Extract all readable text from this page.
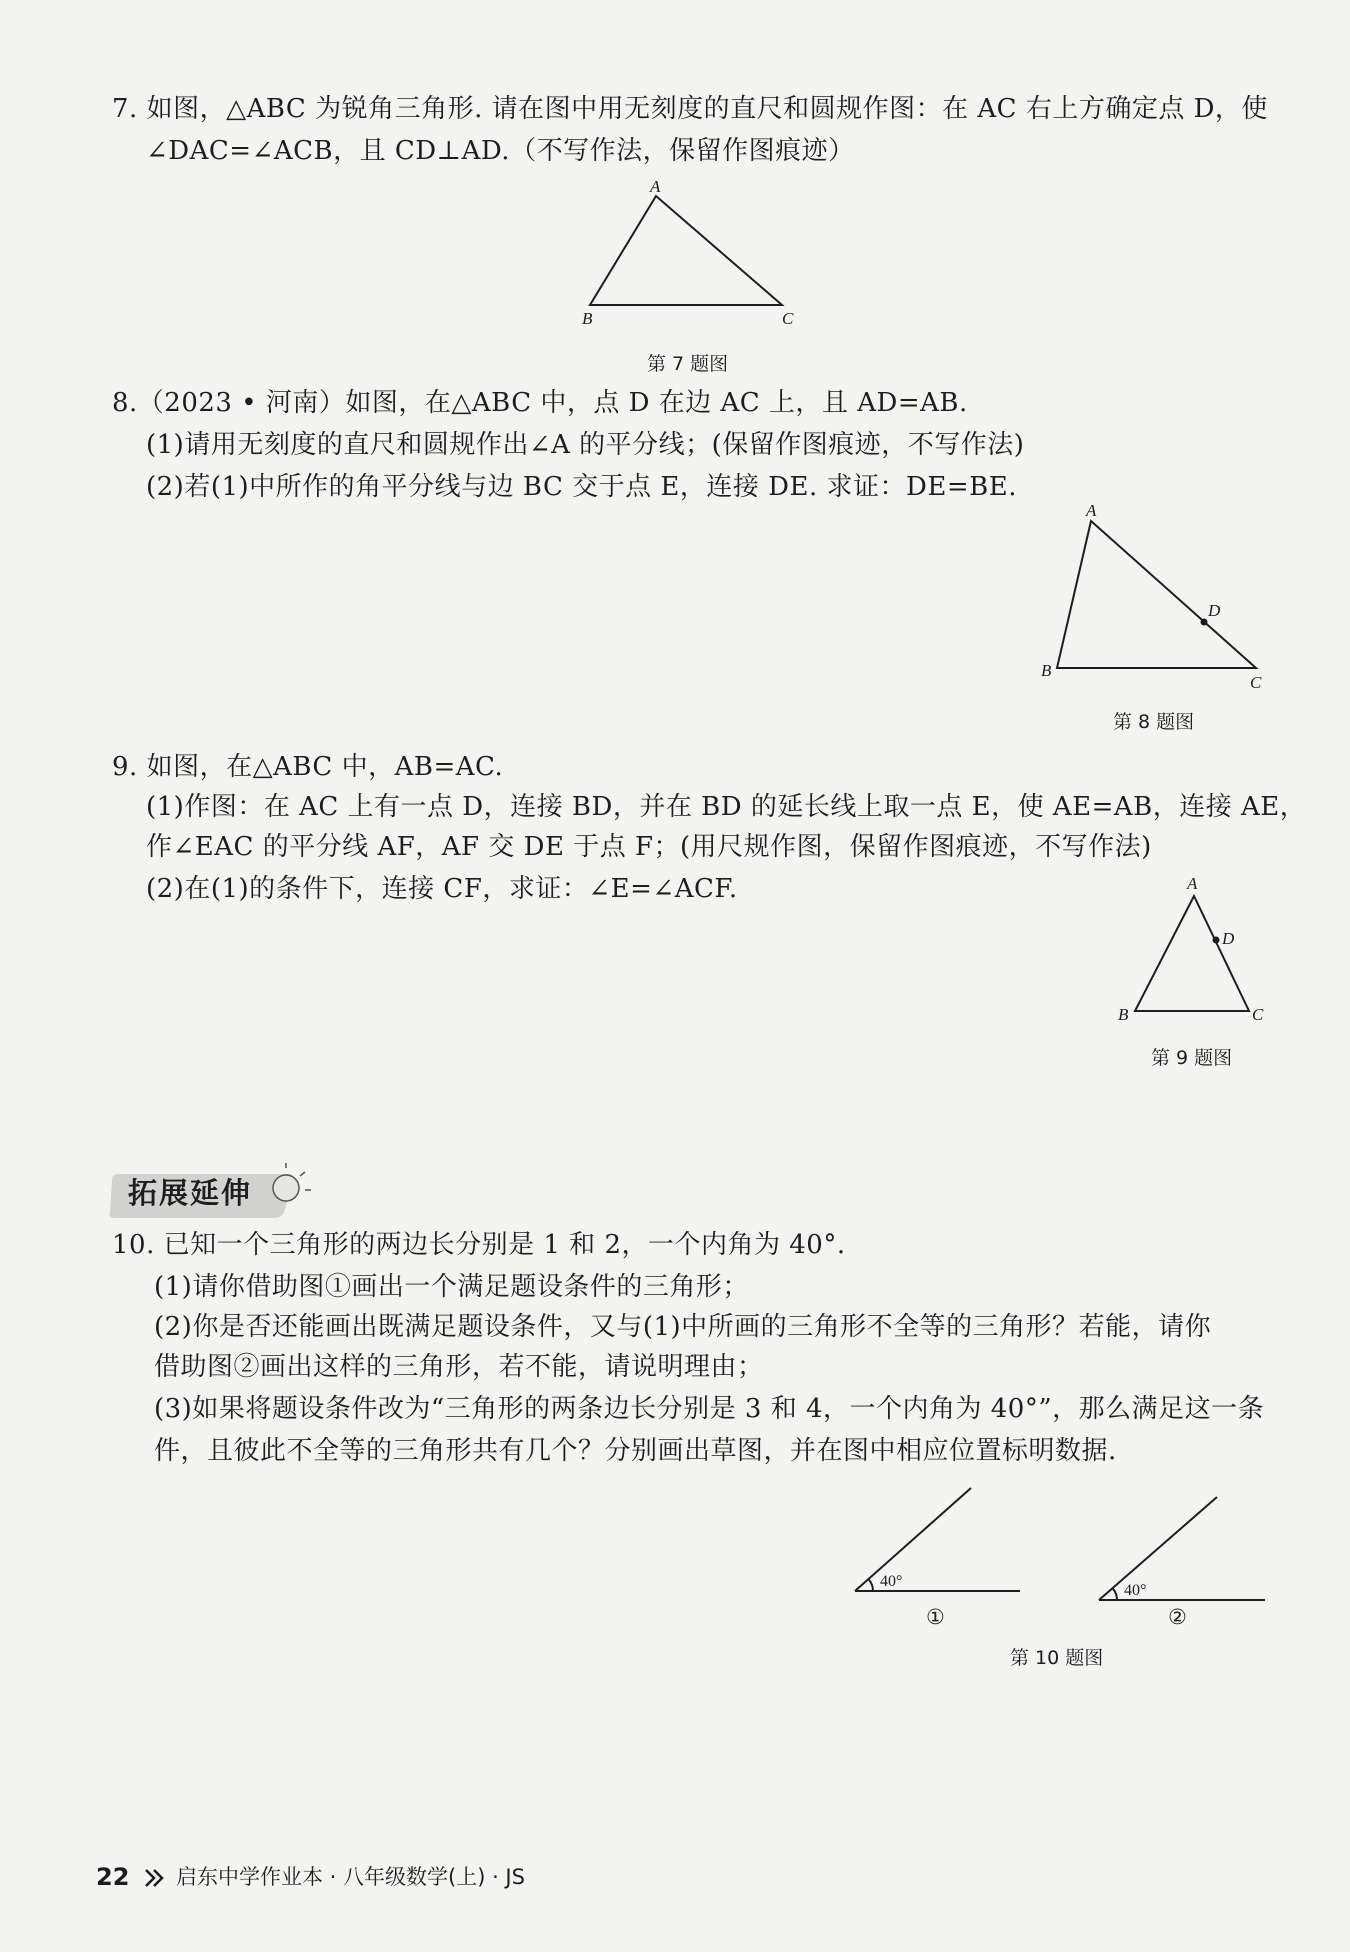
7. 如图，△ABC 为锐角三角形. 请在图中用无刻度的直尺和圆规作图：在 AC 右上方确定点 D，使
∠DAC=∠ACB，且 CD⊥AD.（不写作法，保留作图痕迹）
A
B	C
A
B
C
D
A
B	C
D
40°
40°
第 7 题图
8.（2023 • 河南）如图，在△ABC 中，点 D 在边 AC 上，且 AD=AB.
(1)请用无刻度的直尺和圆规作出∠A 的平分线；(保留作图痕迹，不写作法)
(2)若(1)中所作的角平分线与边 BC 交于点 E，连接 DE. 求证：DE=BE.
第 8 题图
9. 如图，在△ABC 中，AB=AC.
(1)作图：在 AC 上有一点 D，连接 BD，并在 BD 的延长线上取一点 E，使 AE=AB，连接 AE，
作∠EAC 的平分线 AF，AF 交 DE 于点 F；(用尺规作图，保留作图痕迹，不写作法)
(2)在(1)的条件下，连接 CF，求证：∠E=∠ACF.
第 9 题图
拓展延伸
10. 已知一个三角形的两边长分别是 1 和 2，一个内角为 40°.
(1)请你借助图①画出一个满足题设条件的三角形；
(2)你是否还能画出既满足题设条件，又与(1)中所画的三角形不全等的三角形？若能，请你
借助图②画出这样的三角形，若不能，请说明理由；
(3)如果将题设条件改为“三角形的两条边长分别是 3 和 4，一个内角为 40°”，那么满足这一条
件，且彼此不全等的三角形共有几个？分别画出草图，并在图中相应位置标明数据.
①	②
第 10 题图
22 启东中学作业本 · 八年级数学(上) · JS
